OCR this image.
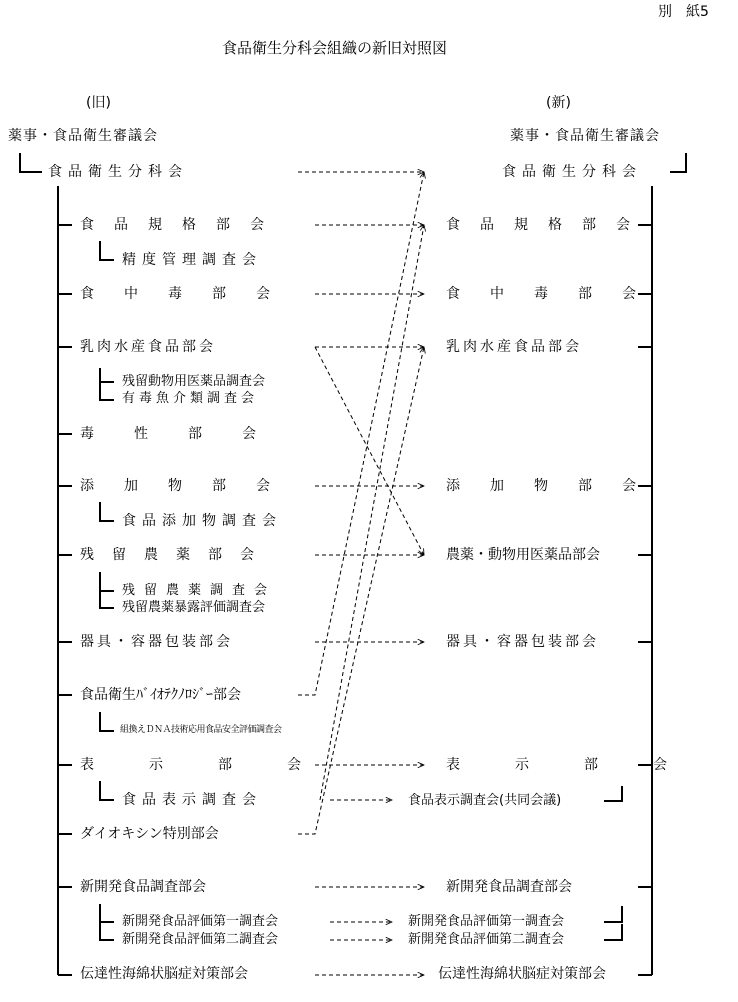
別　紙5
食品衛生分科会組織の新旧対照図
(旧)	(新)
薬事・食品衛生審議会
食品衛生分科会
食品規格部会
精度管理調査会
食中毒部会
乳肉水産食品部会
残留動物用医薬品調査会
有毒魚介類調査会
毒性部会
添加物部会
食品添加物調査会
残留農薬部会
残留農薬調査会
残留農薬暴露評価調査会
器具・容器包装部会
食品衛生ﾊﾞｲｵﾃｸﾉﾛｼﾞｰ部会
組換えＤＮＡ技術応用食品安全評価調査会
表示部会
食品表示調査会
ダイオキシン特別部会
新開発食品調査部会
新開発食品評価第一調査会
新開発食品評価第二調査会
伝達性海綿状脳症対策部会
薬事・食品衛生審議会
食品衛生分科会
食品規格部会
食中毒部会
乳肉水産食品部会
添加物部会
農薬・動物用医薬品部会
器具・容器包装部会
表示部会
食品表示調査会(共同会議)
新開発食品調査部会
新開発食品評価第一調査会
新開発食品評価第二調査会
伝達性海綿状脳症対策部会
